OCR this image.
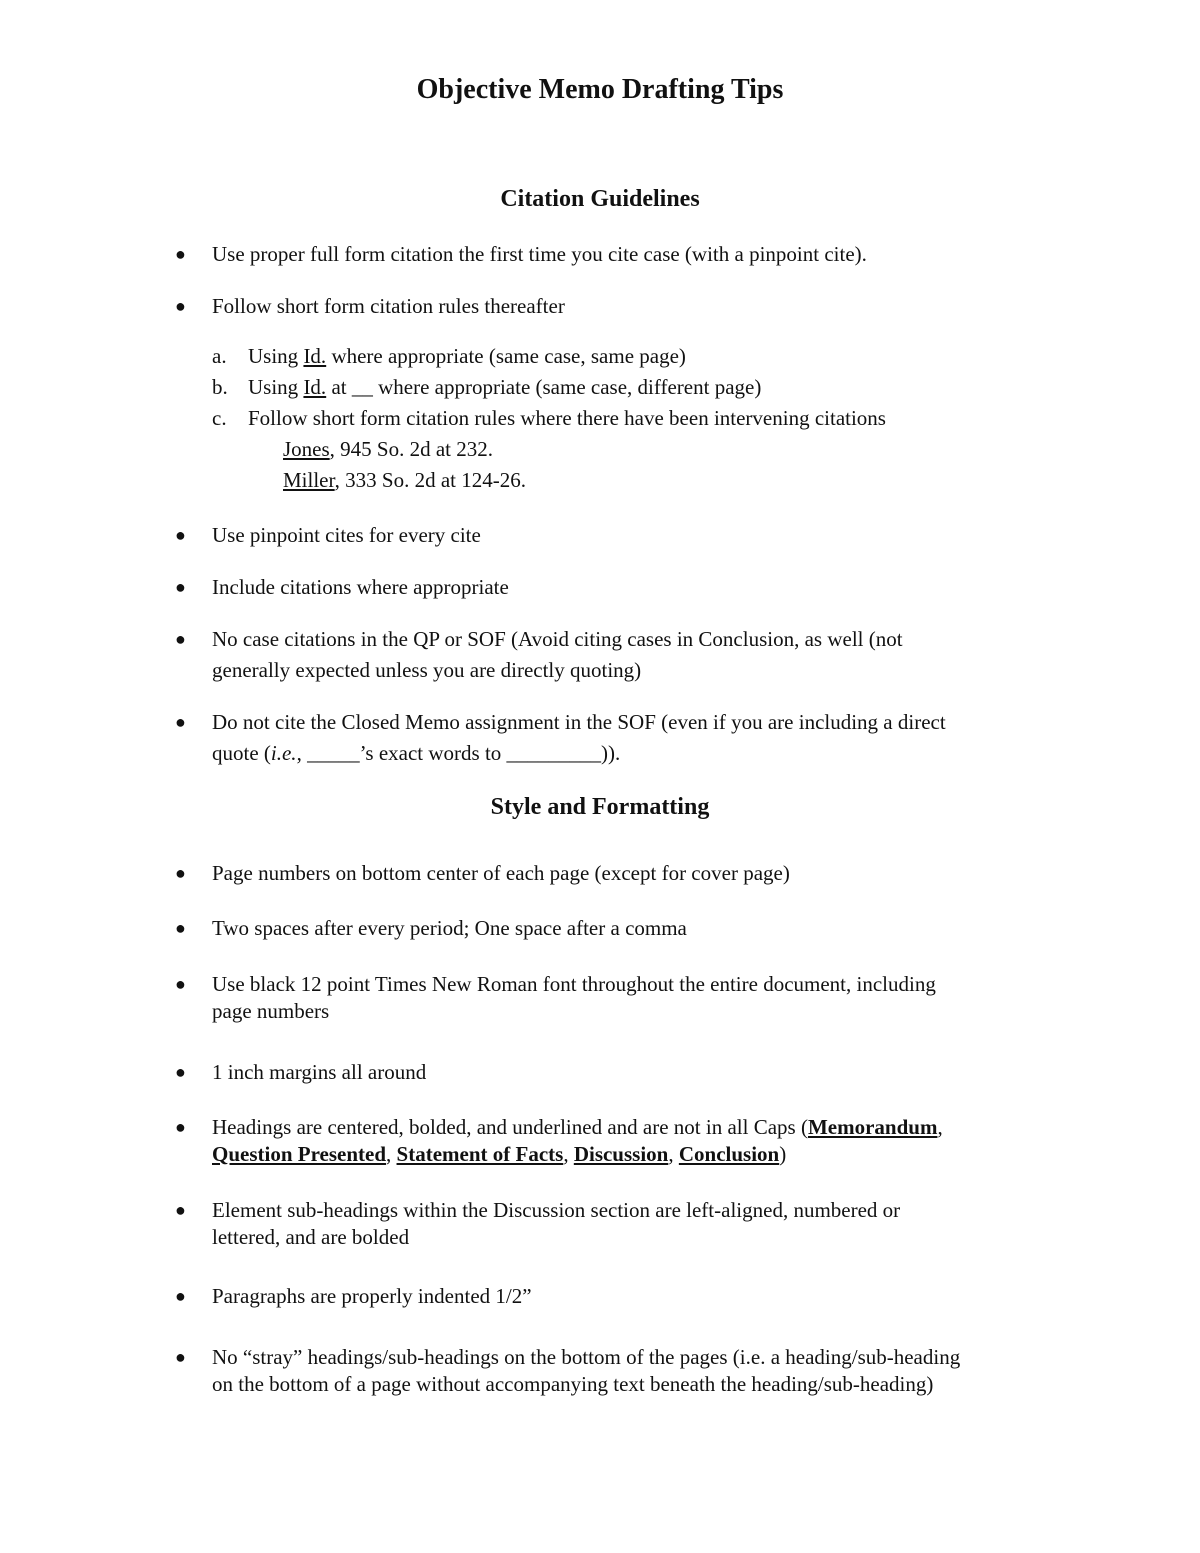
Objective Memo Drafting Tips
Citation Guidelines
● Use proper full form citation the first time you cite case (with a pinpoint cite).
● Follow short form citation rules thereafter
a.	Using Id. where appropriate (same case, same page)
b. Using Id. at __ where appropriate (same case, different page)
c.	Follow short form citation rules where there have been intervening citations
Jones, 945 So. 2d at 232.
Miller, 333 So. 2d at 124-26.
● Use pinpoint cites for every cite
● Include citations where appropriate
● No case citations in the QP or SOF (Avoid citing cases in Conclusion, as well (not
generally expected unless you are directly quoting)
● Do not cite the Closed Memo assignment in the SOF (even if you are including a direct
quote (i.e., _____’s exact words to _________)).
Style and Formatting
● Page numbers on bottom center of each page (except for cover page)
● Two spaces after every period; One space after a comma
● Use black 12 point Times New Roman font throughout the entire document, including
page numbers
● 1 inch margins all around
● Headings are centered, bolded, and underlined and are not in all Caps (Memorandum,
Question Presented, Statement of Facts, Discussion, Conclusion)
● Element sub-headings within the Discussion section are left-aligned, numbered or
lettered, and are bolded
● Paragraphs are properly indented 1/2”
● No “stray” headings/sub-headings on the bottom of the pages (i.e. a heading/sub-heading
on the bottom of a page without accompanying text beneath the heading/sub-heading)
